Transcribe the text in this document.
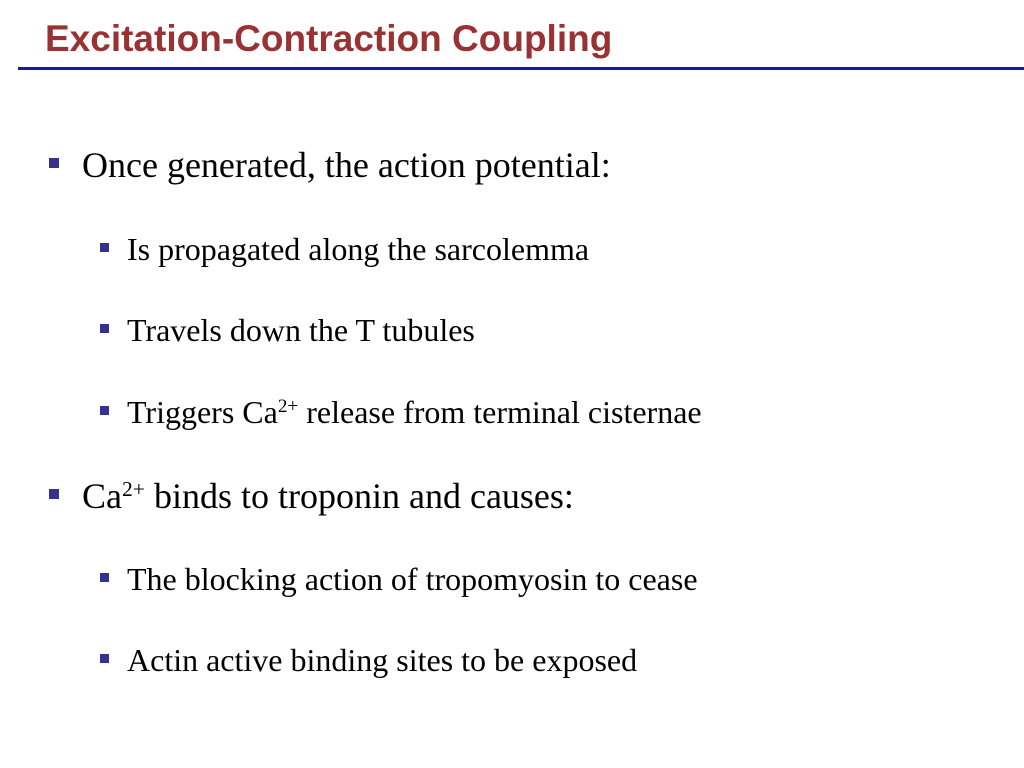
Excitation-Contraction Coupling
Once generated, the action potential:
Is propagated along the sarcolemma
Travels down the T tubules
Triggers $Ca^{2+}$ release from terminal cisternae
$Ca^{2+}$ binds to troponin and causes:
The blocking action of tropomyosin to cease
Actin active binding sites to be exposed
